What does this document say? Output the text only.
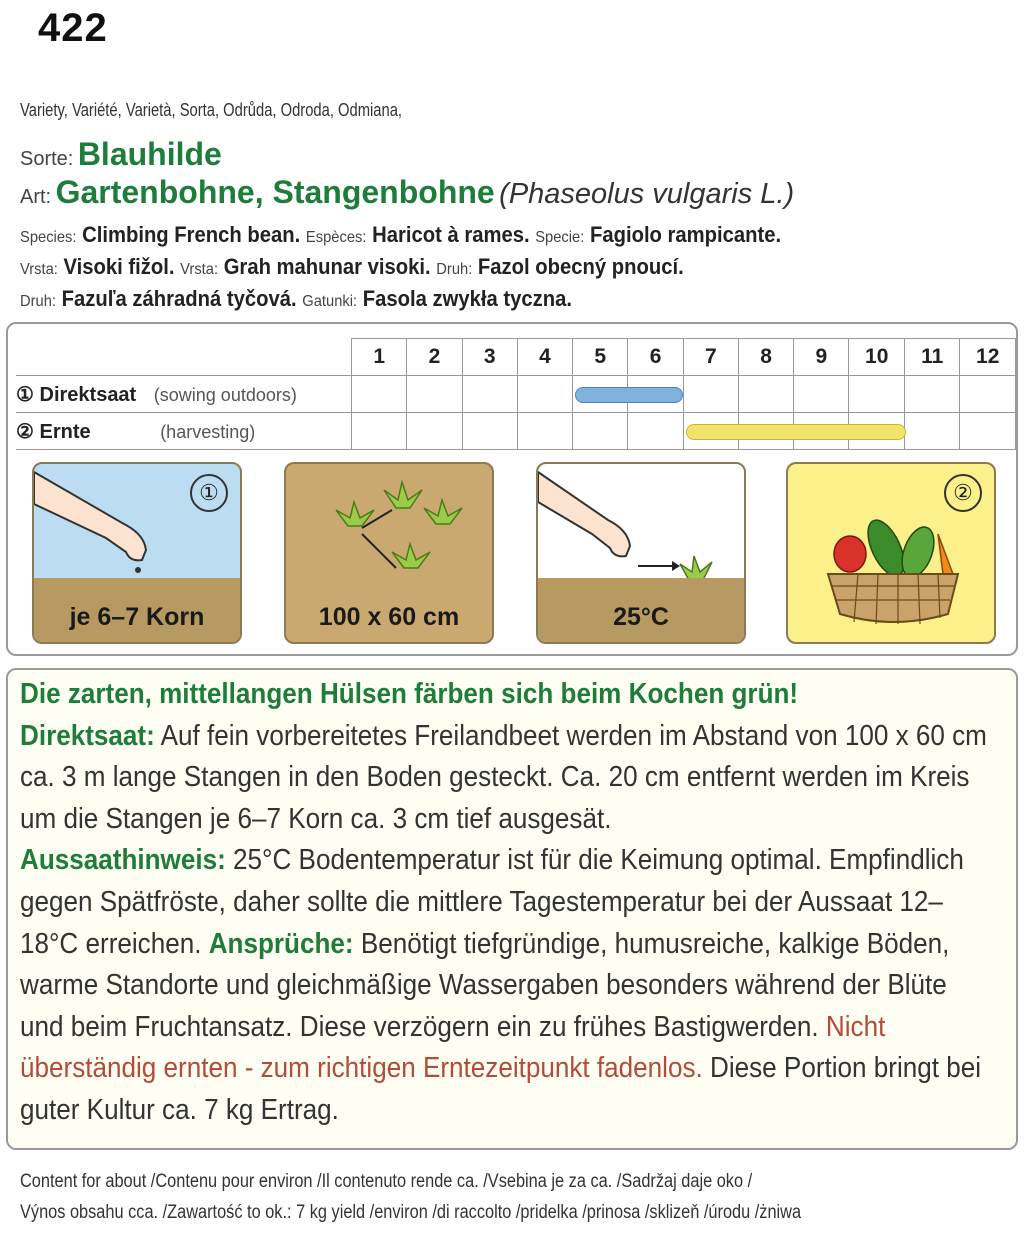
422
Variety, Variété, Varietà, Sorta, Odrůda, Odroda, Odmiana,
Sorte: Blauhilde
Art: Gartenbohne, Stangenbohne (Phaseolus vulgaris L.)
Species: Climbing French bean. Espèces: Haricot à rames. Specie: Fagiolo rampicante.
Vrsta: Visoki fižol. Vrsta: Grah mahunar visoki. Druh: Fazol obecný pnoucí.
Druh: Fazuľa záhradná tyčová. Gatunki: Fasola zwykła tyczna.
	1	2	3	4	5	6	7	8	9	10	11	12
① Direktsaat (sowing outdoors)					

② Ernte (harvesting)							

①
je 6–7 Korn	100 x 60 cm	25°C
②
Die zarten, mittellangen Hülsen färben sich beim Kochen grün!
Direktsaat: Auf fein vorbereitetes Freilandbeet werden im Abstand von 100 x 60 cm ca. 3 m lange Stangen in den Boden gesteckt. Ca. 20 cm entfernt werden im Kreis um die Stangen je 6–7 Korn ca. 3 cm tief ausgesät.
Aussaathinweis: 25°C Bodentemperatur ist für die Keimung optimal. Empfindlich gegen Spätfröste, daher sollte die mittlere Tagestemperatur bei der Aussaat 12–18°C erreichen. Ansprüche: Benötigt tiefgründige, humusreiche, kalkige Böden, warme Standorte und gleichmäßige Wassergaben besonders während der Blüte und beim Fruchtansatz. Diese verzögern ein zu frühes Bastigwerden. Nicht überständig ernten - zum richtigen Erntezeitpunkt fadenlos. Diese Portion bringt bei guter Kultur ca. 7 kg Ertrag.
Content for about /Contenu pour environ /Il contenuto rende ca. /Vsebina je za ca. /Sadržaj daje oko /
Výnos obsahu cca. /Zawartość to ok.: 7 kg yield /environ /di raccolto /pridelka /prinosa /sklizeň /úrodu /żniwa
